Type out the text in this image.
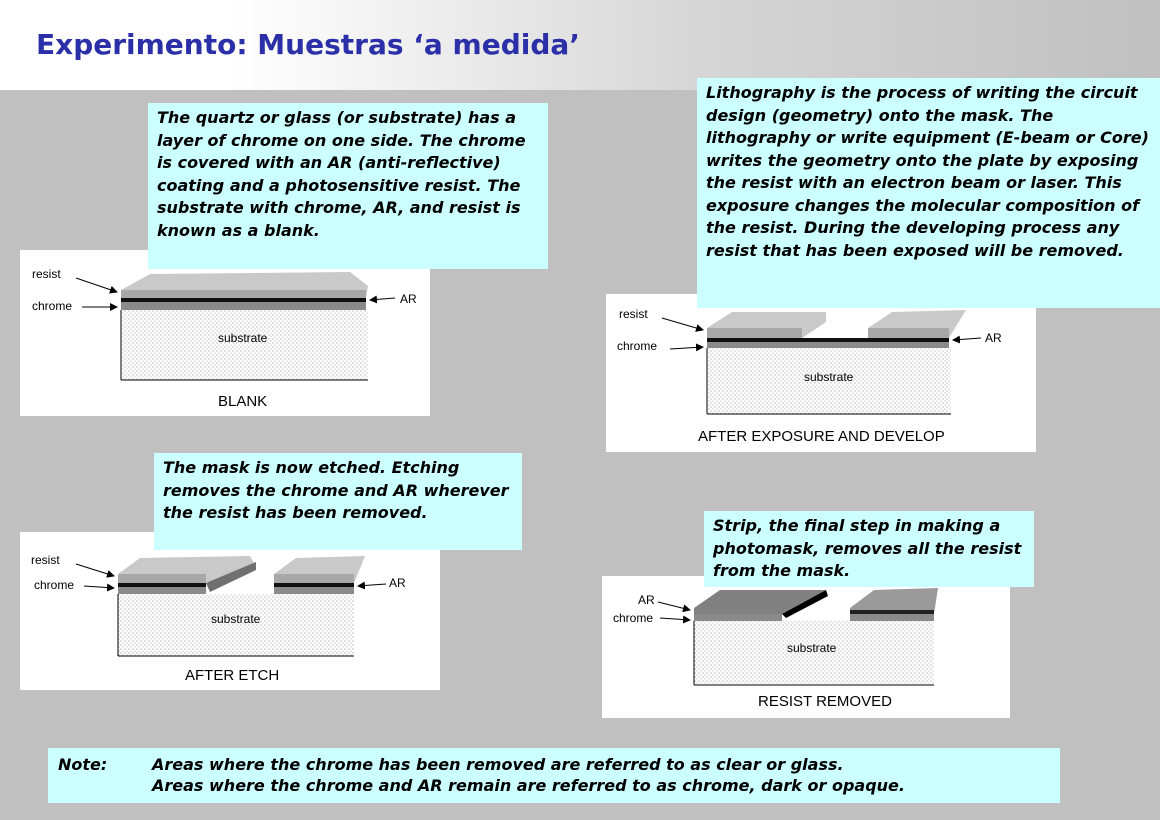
Experimento: Muestras ‘a medida’
resist
chrome	AR
substrate
BLANK
resist
chrome
AR
substrate
AFTER EXPOSURE AND DEVELOP
resist
chrome	AR
substrate
AFTER ETCH
AR
chrome
substrate
RESIST REMOVED
The quartz or glass (or substrate) has a layer of chrome on one side. The chrome is covered with an AR (anti-reflective) coating and a photosensitive resist. The substrate with chrome, AR, and resist is known as a blank.
Lithography is the process of writing the circuit design (geometry) onto the mask. The lithography or write equipment (E-beam or Core) writes the geometry onto the plate by exposing the resist with an electron beam or laser. This exposure changes the molecular composition of the resist. During the developing process any resist that has been exposed will be removed.
The mask is now etched. Etching removes the chrome and AR wherever the resist has been removed.
Strip, the final step in making a photomask, removes all the resist from the mask.
Note:	Areas where the chrome has been removed are referred to as clear or glass.
Areas where the chrome and AR remain are referred to as chrome, dark or opaque.
